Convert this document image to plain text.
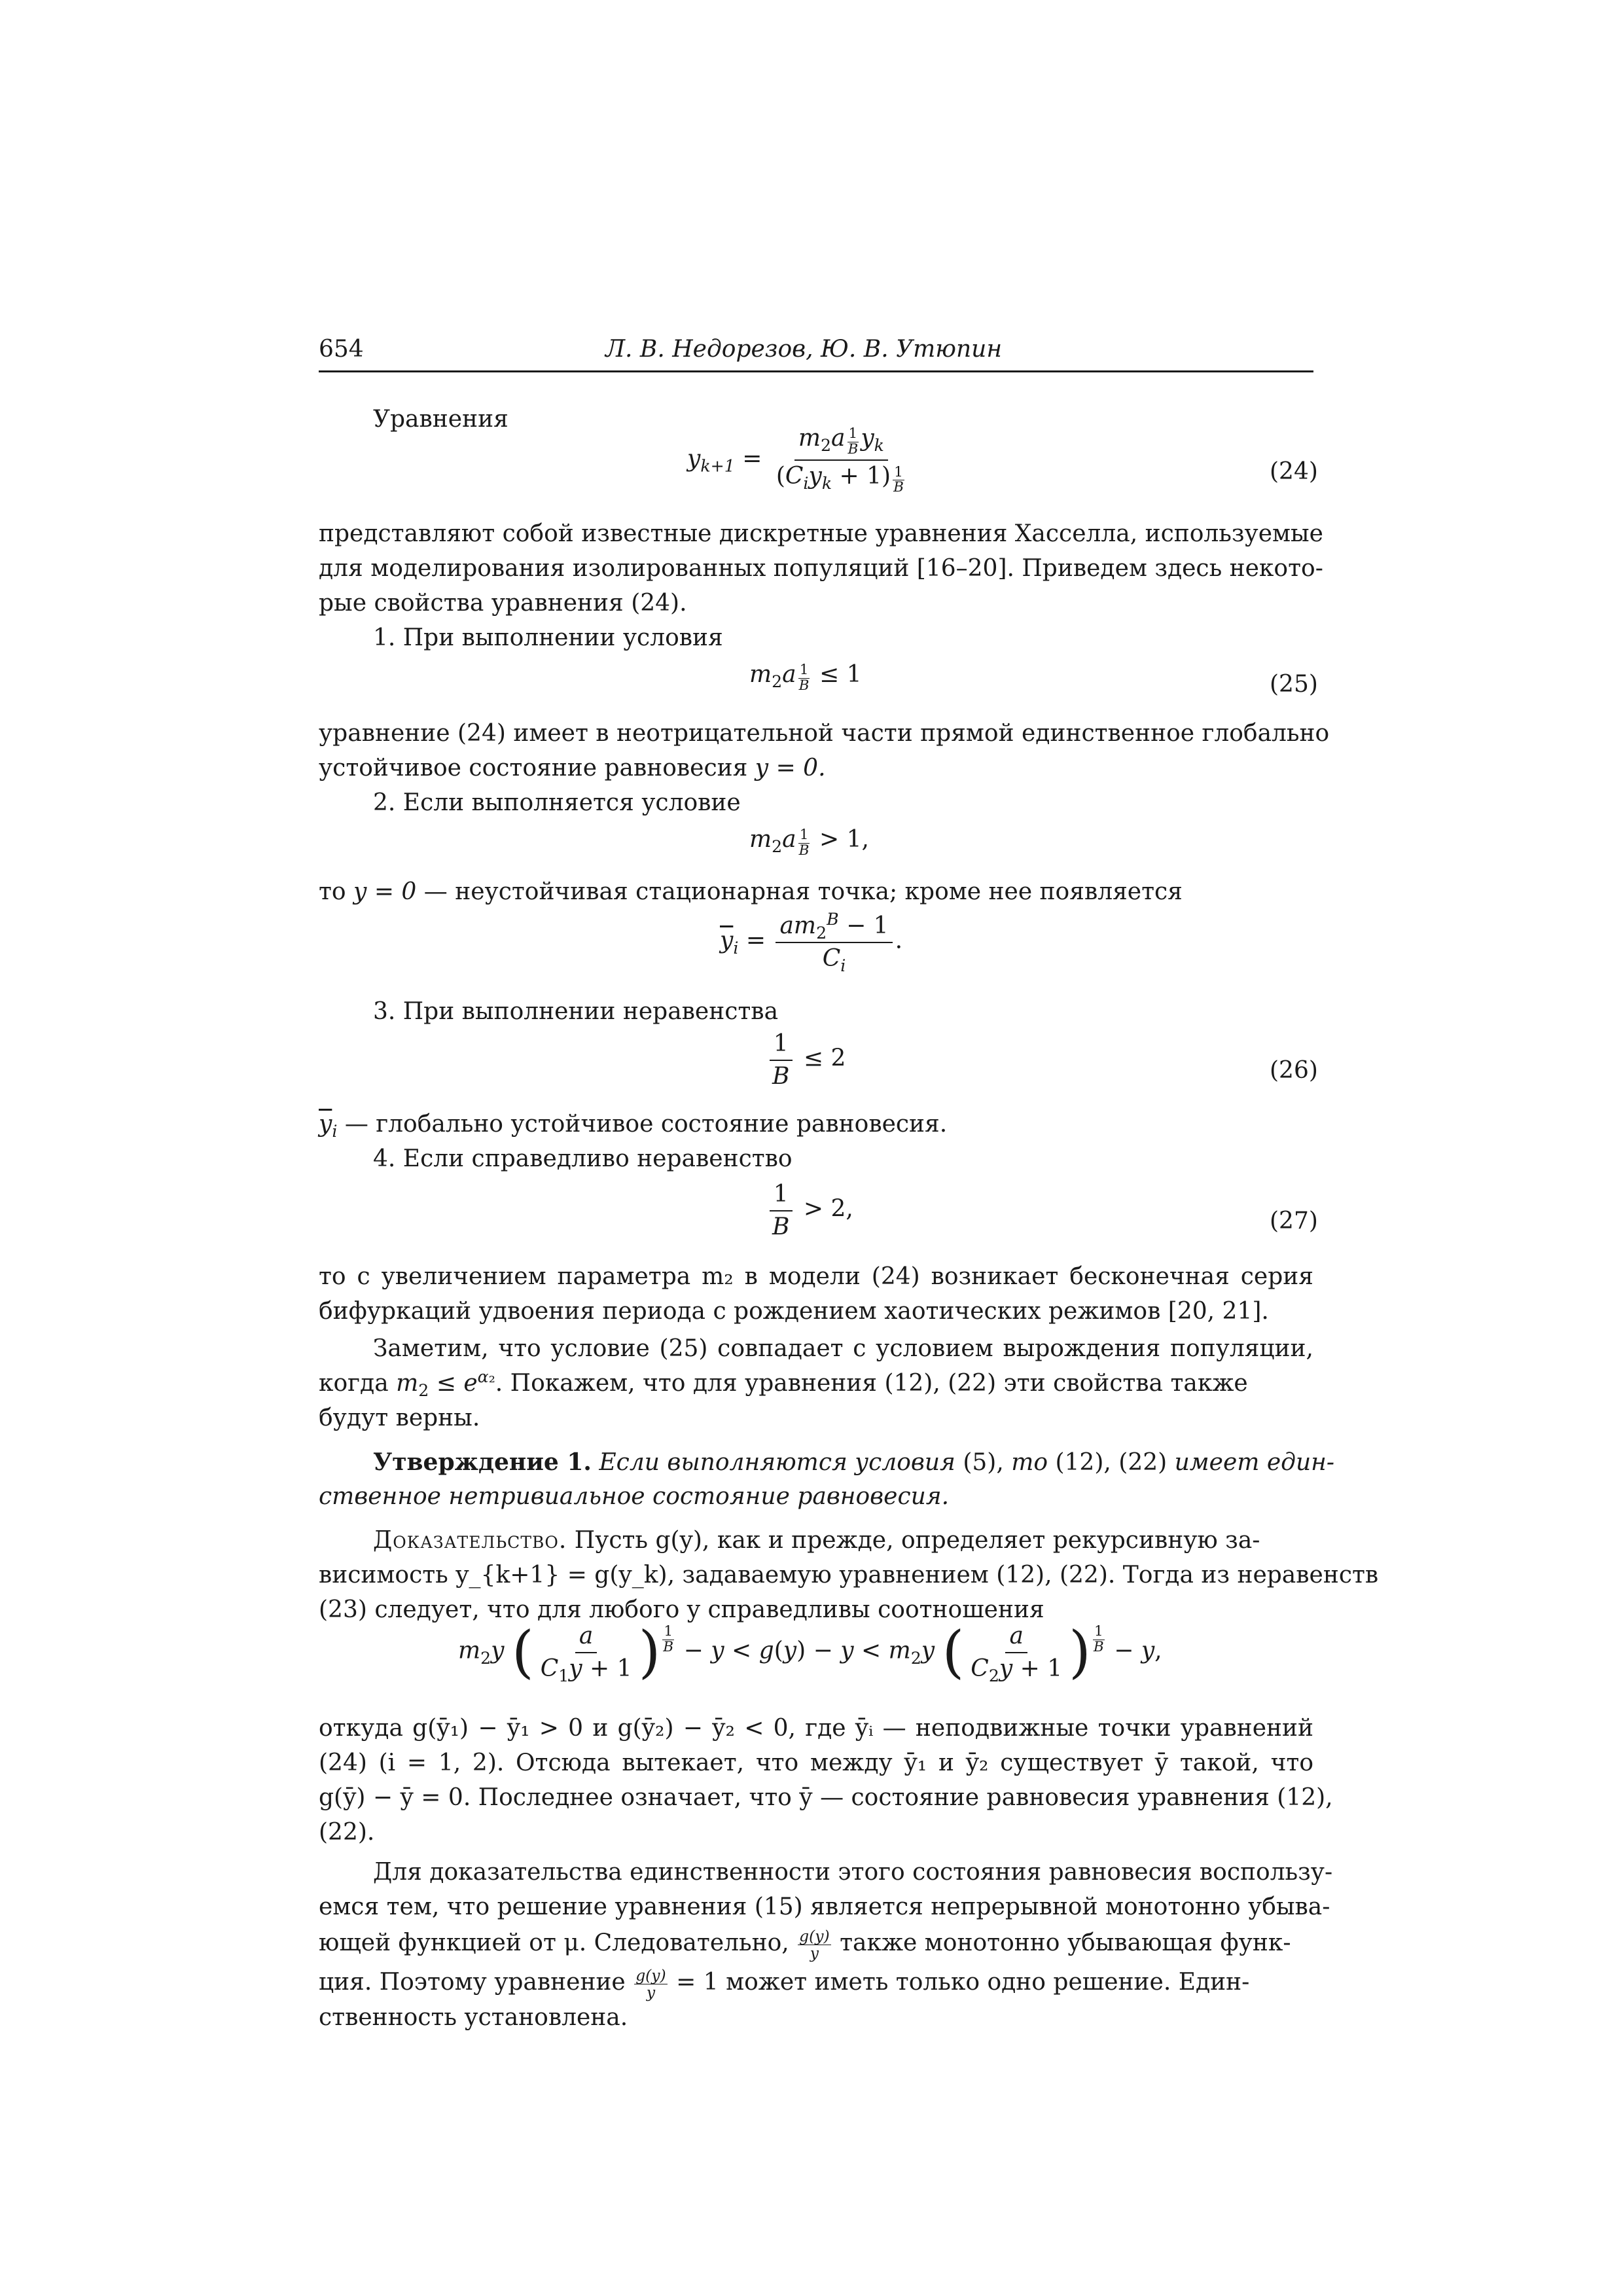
654	Л. В. Недорезов, Ю. В. Утюпин
Уравнения
$y_{k+1} = \frac{m_2a \frac{1}{B} y_k}{(C_iy_k + 1) \frac{1}{B}}$	(24)
представляют собой известные дискретные уравнения Хасселла, используемые
для моделирования изолированных популяций [16–20]. Приведем здесь некото-
рые свойства уравнения (24).
1. При выполнении условия
$m_2a \frac{1}{B} \le 1$	(25)
уравнение (24) имеет в неотрицательной части прямой единственное глобально
устойчивое состояние равновесия y = 0.
2. Если выполняется условие
$m_2a \frac{1}{B} > 1$,
то y = 0 — неустойчивая стационарная точка; кроме нее появляется
$\overline{y}_i = \frac{am_2^B - 1}{C_i}$ .
3. При выполнении неравенства
$\frac{1}{B} \le 2$	(26)
$\overline{y}_i$ — глобально устойчивое состояние равновесия.
4. Если справедливо неравенство
$\frac{1}{B} > 2$,	(27)
то с увеличением параметра m₂ в модели (24) возникает бесконечная серия
бифуркаций удвоения периода с рождением хаотических режимов [20, 21].
Заметим, что условие (25) совпадает с условием вырождения популяции,
когда $m_2 \le e^{\alpha_2}$. Покажем, что для уравнения (12), (22) эти свойства также
будут верны.
Утверждение 1. Если выполняются условия (5), то (12), (22) имеет един-
ственное нетривиальное состояние равновесия.
Доказательство. Пусть g(y), как и прежде, определяет рекурсивную за-
висимость y_{k+1} = g(y_k), задаваемую уравнением (12), (22). Тогда из неравенств
(23) следует, что для любого y справедливы соотношения
$m_2y$ ( $\frac{a}{C_1y + 1}$ ) $\frac{1}{B} - y < g(y) - y < m_2y$ ( $\frac{a}{C_2y + 1}$ ) $\frac{1}{B} - y$,
откуда g(ȳ₁) − ȳ₁ > 0 и g(ȳ₂) − ȳ₂ < 0, где ȳᵢ — неподвижные точки уравнений
(24) (i = 1, 2). Отсюда вытекает, что между ȳ₁ и ȳ₂ существует ȳ такой, что
g(ȳ) − ȳ = 0. Последнее означает, что ȳ — состояние равновесия уравнения (12),
(22).
Для доказательства единственности этого состояния равновесия воспользу-
емся тем, что решение уравнения (15) является непрерывной монотонно убыва-
ющей функцией от μ. Следовательно, $\frac{g(y)}{y}$ также монотонно убывающая функ-
ция. Поэтому уравнение $\frac{g(y)}{y} = 1$ может иметь только одно решение. Един-
ственность установлена.
